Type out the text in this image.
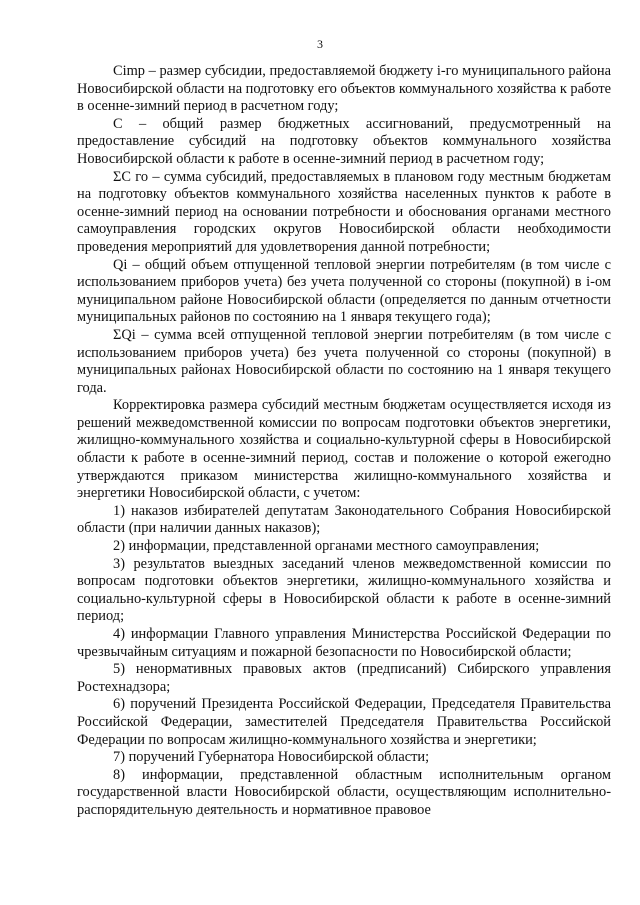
3

Cimp – размер субсидии, предоставляемой бюджету i-го муниципального района Новосибирской области на подготовку его объектов коммунального хозяйства к работе в осенне-зимний период в расчетном году;

C – общий размер бюджетных ассигнований, предусмотренный на предоставление субсидий на подготовку объектов коммунального хозяйства Новосибирской области к работе в осенне-зимний период в расчетном году;

ΣC го – сумма субсидий, предоставляемых в плановом году местным бюджетам на подготовку объектов коммунального хозяйства населенных пунктов к работе в осенне-зимний период на основании потребности и обоснования органами местного самоуправления городских округов Новосибирской области необходимости проведения мероприятий для удовлетворения данной потребности;

Qi – общий объем отпущенной тепловой энергии потребителям (в том числе с использованием приборов учета) без учета полученной со стороны (покупной) в i-ом муниципальном районе Новосибирской области (определяется по данным отчетности муниципальных районов по состоянию на 1 января текущего года);

ΣQi – сумма всей отпущенной тепловой энергии потребителям (в том числе с использованием приборов учета) без учета полученной со стороны (покупной) в муниципальных районах Новосибирской области по состоянию на 1 января текущего года.

Корректировка размера субсидий местным бюджетам осуществляется исходя из решений межведомственной комиссии по вопросам подготовки объектов энергетики, жилищно-коммунального хозяйства и социально-культурной сферы в Новосибирской области к работе в осенне-зимний период, состав и положение о которой ежегодно утверждаются приказом министерства жилищно-коммунального хозяйства и энергетики Новосибирской области, с учетом:

1) наказов избирателей депутатам Законодательного Собрания Новосибирской области (при наличии данных наказов);

2) информации, представленной органами местного самоуправления;

3) результатов выездных заседаний членов межведомственной комиссии по вопросам подготовки объектов энергетики, жилищно-коммунального хозяйства и социально-культурной сферы в Новосибирской области к работе в осенне-зимний период;

4) информации Главного управления Министерства Российской Федерации по чрезвычайным ситуациям и пожарной безопасности по Новосибирской области;

5) ненормативных правовых актов (предписаний) Сибирского управления Ростехнадзора;

6) поручений Президента Российской Федерации, Председателя Правительства Российской Федерации, заместителей Председателя Правительства Российской Федерации по вопросам жилищно-коммунального хозяйства и энергетики;

7) поручений Губернатора Новосибирской области;

8) информации, представленной областным исполнительным органом государственной власти Новосибирской области, осуществляющим исполнительно-распорядительную деятельность и нормативное правовое
